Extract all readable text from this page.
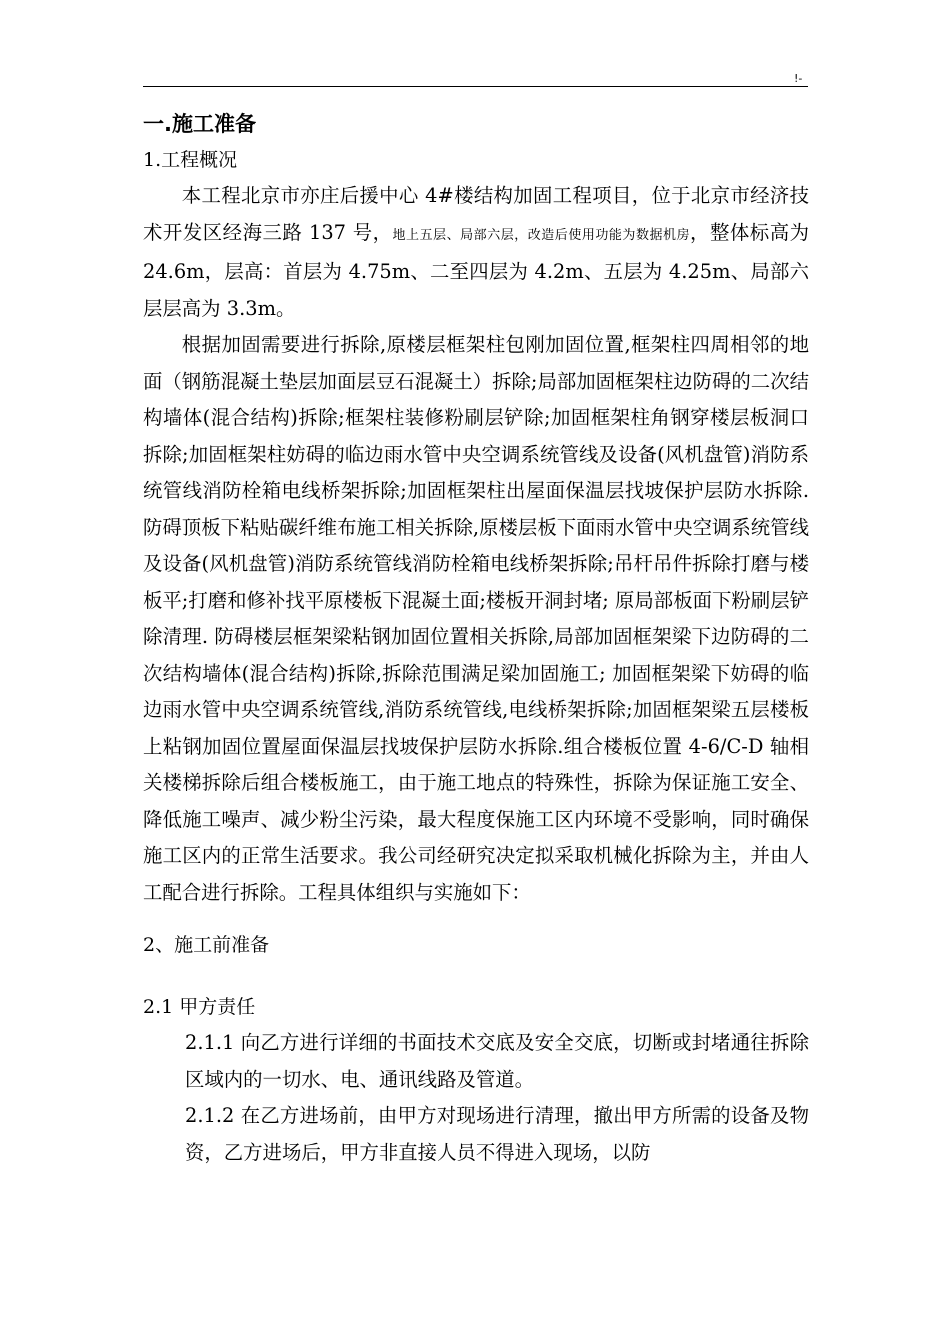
!-
一.施工准备
1.工程概况

本工程北京市亦庄后援中心 4#楼结构加固工程项目，位于北京市经济技术开发区经海三路 137 号，地上五层、局部六层，改造后使用功能为数据机房，整体标高为 24.6m，层高：首层为 4.75m、二至四层为 4.2m、五层为 4.25m、局部六层层高为 3.3m。

根据加固需要进行拆除,原楼层框架柱包刚加固位置,框架柱四周相邻的地面（钢筋混凝土垫层加面层豆石混凝土）拆除;局部加固框架柱边防碍的二次结构墙体(混合结构)拆除;框架柱装修粉刷层铲除;加固框架柱角钢穿楼层板洞口拆除;加固框架柱妨碍的临边雨水管中央空调系统管线及设备(风机盘管)消防系统管线消防栓箱电线桥架拆除;加固框架柱出屋面保温层找坡保护层防水拆除. 防碍顶板下粘贴碳纤维布施工相关拆除,原楼层板下面雨水管中央空调系统管线及设备(风机盘管)消防系统管线消防栓箱电线桥架拆除;吊杆吊件拆除打磨与楼板平;打磨和修补找平原楼板下混凝土面;楼板开洞封堵; 原局部板面下粉刷层铲除清理. 防碍楼层框架梁粘钢加固位置相关拆除,局部加固框架梁下边防碍的二次结构墙体(混合结构)拆除,拆除范围满足梁加固施工; 加固框架梁下妨碍的临边雨水管中央空调系统管线,消防系统管线,电线桥架拆除;加固框架梁五层楼板上粘钢加固位置屋面保温层找坡保护层防水拆除.组合楼板位置 4-6/C-D 轴相关楼梯拆除后组合楼板施工，由于施工地点的特殊性，拆除为保证施工安全、降低施工噪声、减少粉尘污染，最大程度保施工区内环境不受影响，同时确保施工区内的正常生活要求。我公司经研究决定拟采取机械化拆除为主，并由人工配合进行拆除。工程具体组织与实施如下：

2、施工前准备
2.1 甲方责任

2.1.1 向乙方进行详细的书面技术交底及安全交底，切断或封堵通往拆除区域内的一切水、电、通讯线路及管道。

2.1.2 在乙方进场前，由甲方对现场进行清理，撤出甲方所需的设备及物资，乙方进场后，甲方非直接人员不得进入现场，以防
